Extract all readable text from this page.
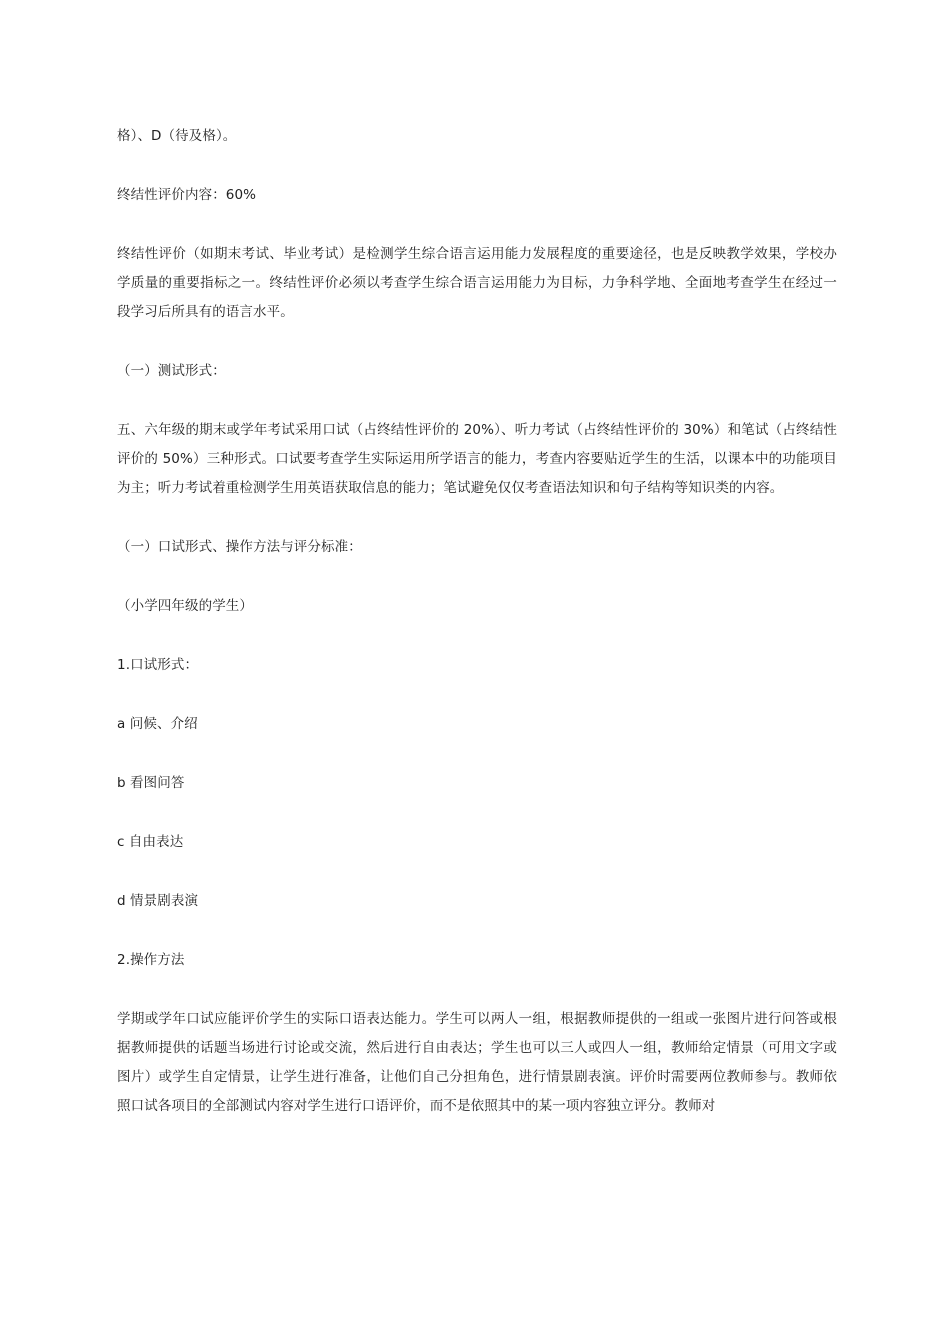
格）、D（待及格）。

终结性评价内容：60%

终结性评价（如期末考试、毕业考试）是检测学生综合语言运用能力发展程度的重要途径，也是反映教学效果，学校办学质量的重要指标之一。终结性评价必须以考查学生综合语言运用能力为目标，力争科学地、全面地考查学生在经过一段学习后所具有的语言水平。

（一）测试形式：

五、六年级的期末或学年考试采用口试（占终结性评价的 20%）、听力考试（占终结性评价的 30%）和笔试（占终结性评价的 50%）三种形式。口试要考查学生实际运用所学语言的能力，考查内容要贴近学生的生活，以课本中的功能项目为主；听力考试着重检测学生用英语获取信息的能力；笔试避免仅仅考查语法知识和句子结构等知识类的内容。

（一）口试形式、操作方法与评分标准：

（小学四年级的学生）

1.口试形式：

a 问候、介绍

b 看图问答

c 自由表达

d 情景剧表演

2.操作方法

学期或学年口试应能评价学生的实际口语表达能力。学生可以两人一组，根据教师提供的一组或一张图片进行问答或根据教师提供的话题当场进行讨论或交流，然后进行自由表达；学生也可以三人或四人一组，教师给定情景（可用文字或图片）或学生自定情景，让学生进行准备，让他们自己分担角色，进行情景剧表演。评价时需要两位教师参与。教师依照口试各项目的全部测试内容对学生进行口语评价，而不是依照其中的某一项内容独立评分。教师对
